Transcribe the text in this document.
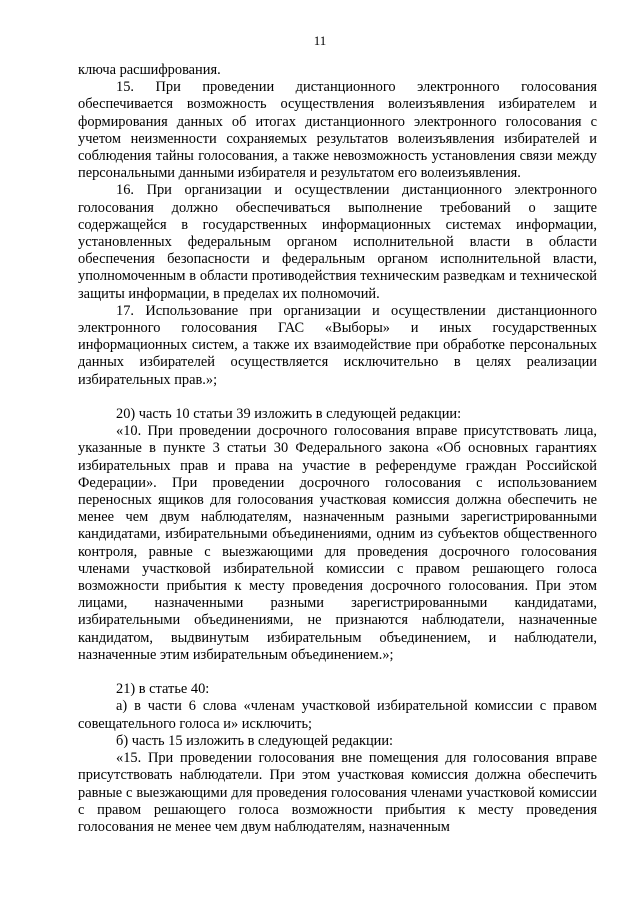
11

ключа расшифрования.

15. При проведении дистанционного электронного голосования обеспечивается возможность осуществления волеизъявления избирателем и формирования данных об итогах дистанционного электронного голосования с учетом неизменности сохраняемых результатов волеизъявления избирателей и соблюдения тайны голосования, а также невозможность установления связи между персональными данными избирателя и результатом его волеизъявления.

16. При организации и осуществлении дистанционного электронного голосования должно обеспечиваться выполнение требований о защите содержащейся в государственных информационных системах информации, установленных федеральным органом исполнительной власти в области обеспечения безопасности и федеральным органом исполнительной власти, уполномоченным в области противодействия техническим разведкам и технической защиты информации, в пределах их полномочий.

17. Использование при организации и осуществлении дистанционного электронного голосования ГАС «Выборы» и иных государственных информационных систем, а также их взаимодействие при обработке персональных данных избирателей осуществляется исключительно в целях реализации избирательных прав.»;

20) часть 10 статьи 39 изложить в следующей редакции:

«10. При проведении досрочного голосования вправе присутствовать лица, указанные в пункте 3 статьи 30 Федерального закона «Об основных гарантиях избирательных прав и права на участие в референдуме граждан Российской Федерации». При проведении досрочного голосования с использованием переносных ящиков для голосования участковая комиссия должна обеспечить не менее чем двум наблюдателям, назначенным разными зарегистрированными кандидатами, избирательными объединениями, одним из субъектов общественного контроля, равные с выезжающими для проведения досрочного голосования членами участковой избирательной комиссии с правом решающего голоса возможности прибытия к месту проведения досрочного голосования. При этом лицами, назначенными разными зарегистрированными кандидатами, избирательными объединениями, не признаются наблюдатели, назначенные кандидатом, выдвинутым избирательным объединением, и наблюдатели, назначенные этим избирательным объединением.»;

21) в статье 40:

а) в части 6 слова «членам участковой избирательной комиссии с правом совещательного голоса и» исключить;

б) часть 15 изложить в следующей редакции:

«15. При проведении голосования вне помещения для голосования вправе присутствовать наблюдатели. При этом участковая комиссия должна обеспечить равные с выезжающими для проведения голосования членами участковой комиссии с правом решающего голоса возможности прибытия к месту проведения голосования не менее чем двум наблюдателям, назначенным
